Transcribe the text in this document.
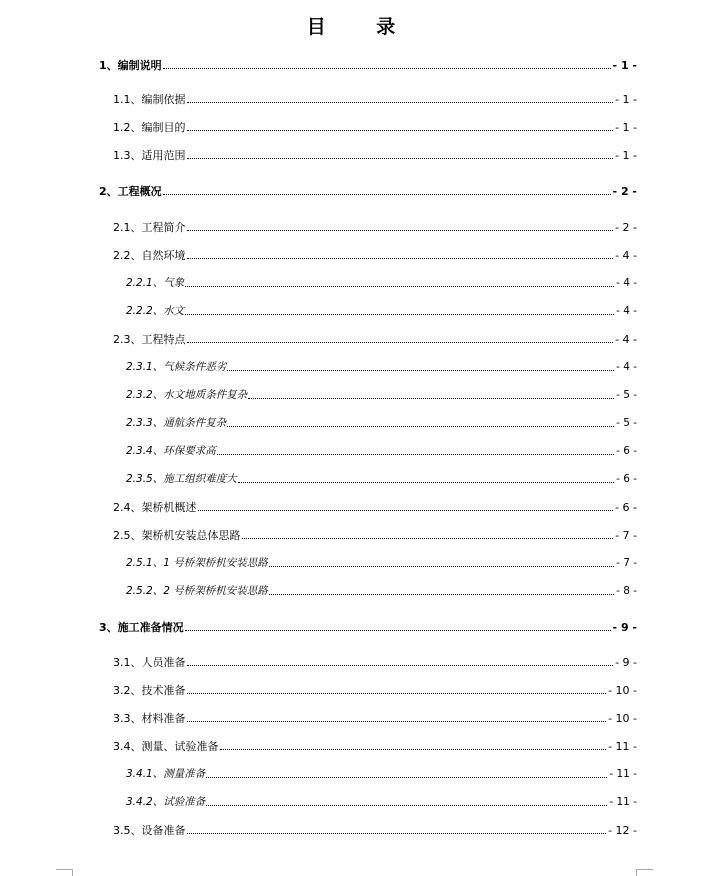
目 录
1、 编制说明	- 1 -
1.1、 编制依据	- 1 -
1.2、 编制目的	- 1 -
1.3、 适用范围	- 1 -
2、 工程概况	- 2 -
2.1、 工程简介	- 2 -
2.2、 自然环境	- 4 -
2.2.1、 气象	- 4 -
2.2.2、 水文	- 4 -
2.3、 工程特点	- 4 -
2.3.1、 气候条件恶劣	- 4 -
2.3.2、 水文地质条件复杂	- 5 -
2.3.3、 通航条件复杂	- 5 -
2.3.4、 环保要求高	- 6 -
2.3.5、 施工组织难度大	- 6 -
2.4、 架桥机概述	- 6 -
2.5、 架桥机安装总体思路	- 7 -
2.5.1、 1 号桥架桥机安装思路	- 7 -
2.5.2、 2 号桥架桥机安装思路	- 8 -
3、 施工准备情况	- 9 -
3.1、 人员准备	- 9 -
3.2、 技术准备	- 10 -
3.3、 材料准备	- 10 -
3.4、 测量、试验准备	- 11 -
3.4.1、 测量准备	- 11 -
3.4.2、 试验准备	- 11 -
3.5、 设备准备	- 12 -
